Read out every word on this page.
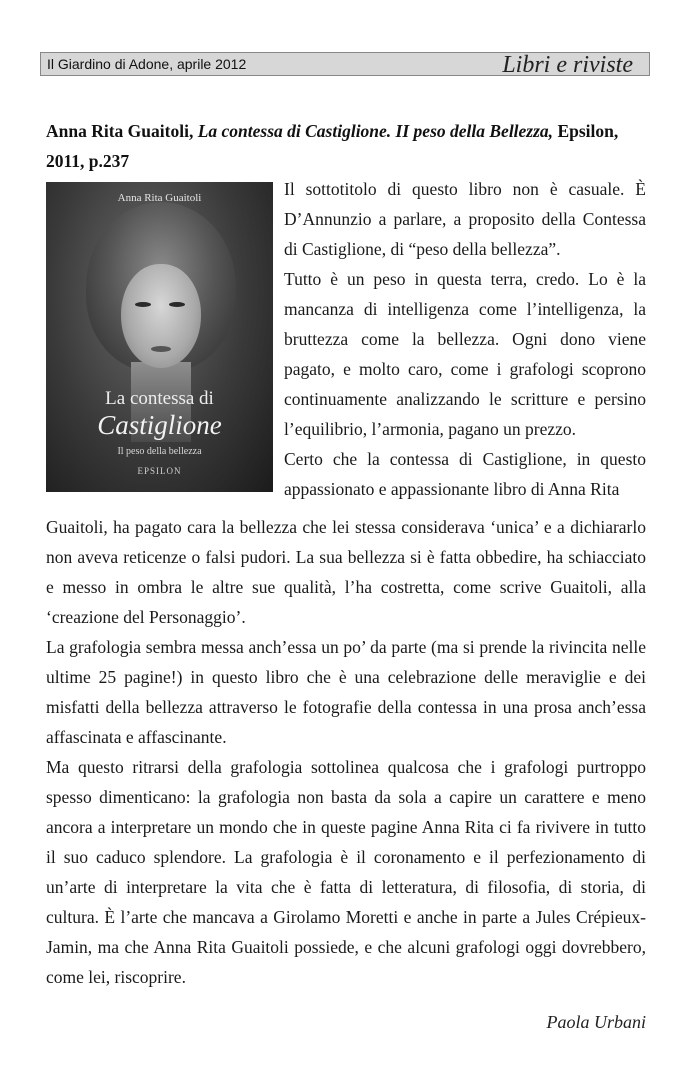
Il Giardino di Adone, aprile 2012	Libri e riviste
Anna Rita Guaitoli, La contessa di Castiglione. II peso della Bellezza, Epsilon, 2011, p.237
Anna Rita Guaitoli
La contessa di
Castiglione
Il peso della bellezza
EPSILON

Il sottotitolo di questo libro non è casuale. È D’Annunzio a parlare, a proposito della Contessa di Castiglione, di “peso della bellezza”.

Tutto è un peso in questa terra, credo. Lo è la mancanza di intelligenza come l’intelligenza, la bruttezza come la bellezza. Ogni dono viene pagato, e molto caro, come i grafologi scoprono continuamente analizzando le scritture e persino l’equilibrio, l’armonia, pagano un prezzo.

Certo che la contessa di Castiglione, in questo appassionato e appassionante libro di Anna Rita

Guaitoli, ha pagato cara la bellezza che lei stessa considerava ‘unica’ e a dichiararlo non aveva reticenze o falsi pudori. La sua bellezza si è fatta obbedire, ha schiacciato e messo in ombra le altre sue qualità, l’ha costretta, come scrive Guaitoli, alla ‘creazione del Personaggio’.

La grafologia sembra messa anch’essa un po’ da parte (ma si prende la rivincita nelle ultime 25 pagine!) in questo libro che è una celebrazione delle meraviglie e dei misfatti della bellezza attraverso le fotografie della contessa in una prosa anch’essa affascinata e affascinante.

Ma questo ritrarsi della grafologia sottolinea qualcosa che i grafologi purtroppo spesso dimenticano: la grafologia non basta da sola a capire un carattere e meno ancora a interpretare un mondo che in queste pagine Anna Rita ci fa rivivere in tutto il suo caduco splendore. La grafologia è il coronamento e il perfezionamento di un’arte di interpretare la vita che è fatta di letteratura, di filosofia, di storia, di cultura. È l’arte che mancava a Girolamo Moretti e anche in parte a Jules Crépieux-Jamin, ma che Anna Rita Guaitoli possiede, e che alcuni grafologi oggi dovrebbero, come lei, riscoprire.

Paola Urbani
